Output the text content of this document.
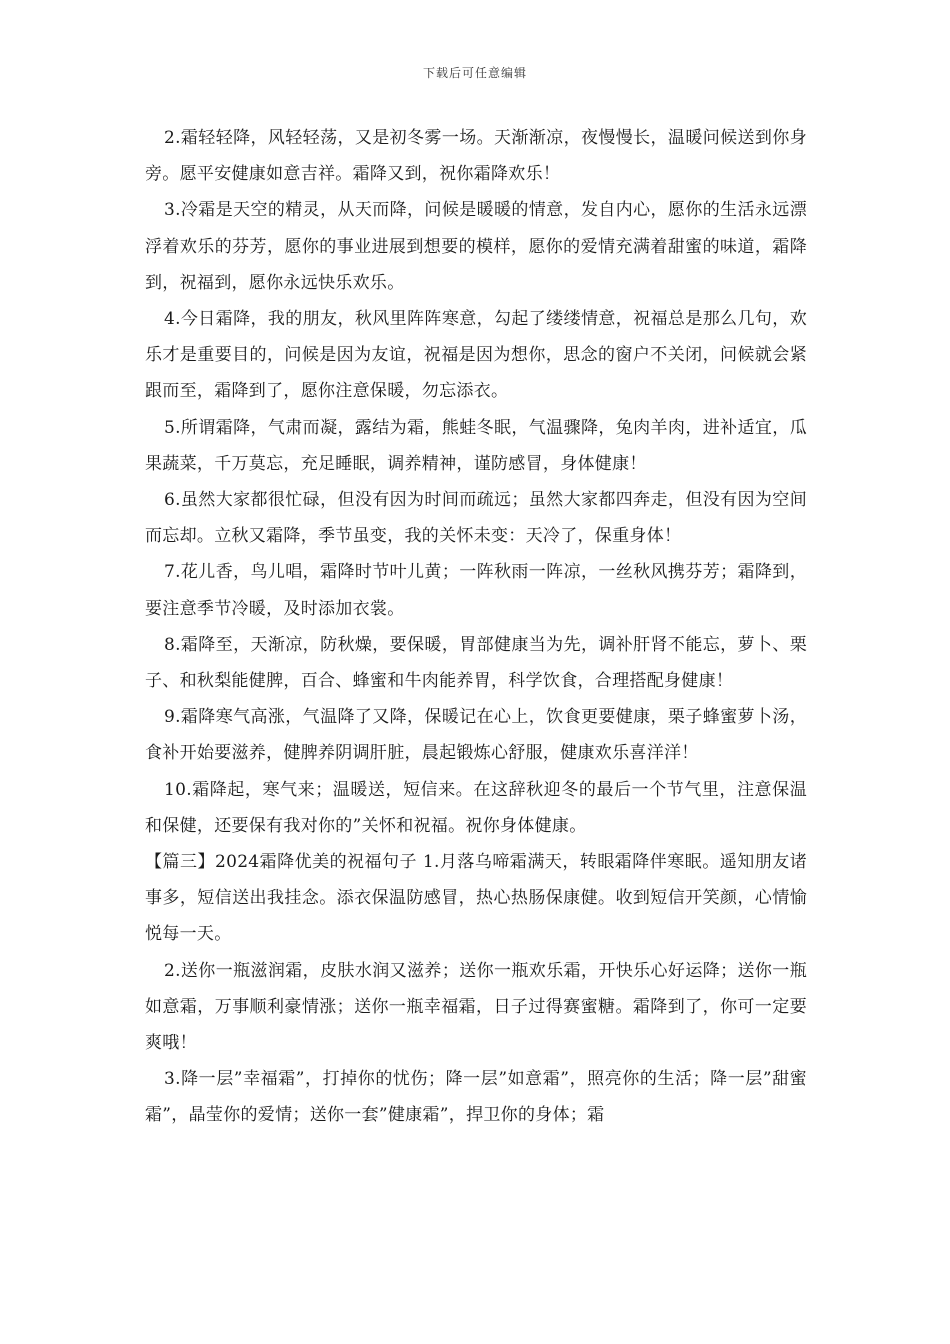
下载后可任意编辑

2.霜轻轻降，风轻轻荡，又是初冬雾一场。天渐渐凉，夜慢慢长，温暖问候送到你身旁。愿平安健康如意吉祥。霜降又到，祝你霜降欢乐！

3.冷霜是天空的精灵，从天而降，问候是暖暖的情意，发自内心，愿你的生活永远漂浮着欢乐的芬芳，愿你的事业进展到想要的模样，愿你的爱情充满着甜蜜的味道，霜降到，祝福到，愿你永远快乐欢乐。

4.今日霜降，我的朋友，秋风里阵阵寒意，勾起了缕缕情意，祝福总是那么几句，欢乐才是重要目的，问候是因为友谊，祝福是因为想你，思念的窗户不关闭，问候就会紧跟而至，霜降到了，愿你注意保暖，勿忘添衣。

5.所谓霜降，气肃而凝，露结为霜，熊蛙冬眠，气温骤降，兔肉羊肉，进补适宜，瓜果蔬菜，千万莫忘，充足睡眠，调养精神，谨防感冒，身体健康！

6.虽然大家都很忙碌，但没有因为时间而疏远；虽然大家都四奔走，但没有因为空间而忘却。立秋又霜降，季节虽变，我的关怀未变：天冷了，保重身体！

7.花儿香，鸟儿唱，霜降时节叶儿黄；一阵秋雨一阵凉，一丝秋风携芬芳；霜降到，要注意季节冷暖，及时添加衣裳。

8.霜降至，天渐凉，防秋燥，要保暖，胃部健康当为先，调补肝肾不能忘，萝卜、栗子、和秋梨能健脾，百合、蜂蜜和牛肉能养胃，科学饮食，合理搭配身健康！

9.霜降寒气高涨，气温降了又降，保暖记在心上，饮食更要健康，栗子蜂蜜萝卜汤，食补开始要滋养，健脾养阴调肝脏，晨起锻炼心舒服，健康欢乐喜洋洋！

10.霜降起，寒气来；温暖送，短信来。在这辞秋迎冬的最后一个节气里，注意保温和保健，还要保有我对你的”关怀和祝福。祝你身体健康。

【篇三】2024霜降优美的祝福句子 1.月落乌啼霜满天，转眼霜降伴寒眠。遥知朋友诸事多，短信送出我挂念。添衣保温防感冒，热心热肠保康健。收到短信开笑颜，心情愉悦每一天。

2.送你一瓶滋润霜，皮肤水润又滋养；送你一瓶欢乐霜，开快乐心好运降；送你一瓶如意霜，万事顺利豪情涨；送你一瓶幸福霜，日子过得赛蜜糖。霜降到了，你可一定要爽哦！

3.降一层”幸福霜”，打掉你的忧伤；降一层”如意霜”，照亮你的生活；降一层”甜蜜霜”，晶莹你的爱情；送你一套”健康霜”，捍卫你的身体；霜
